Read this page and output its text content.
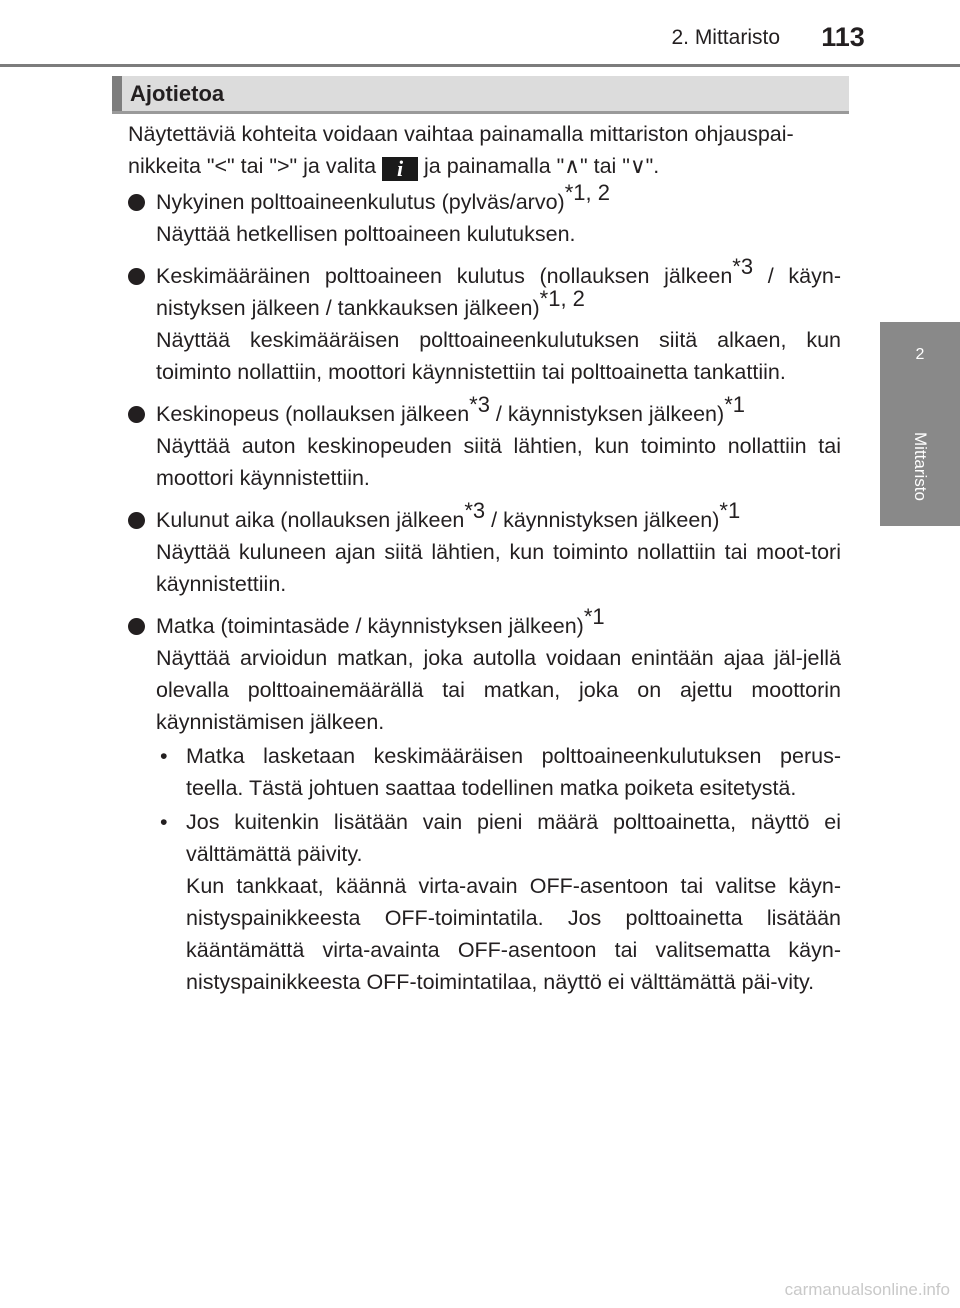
2. Mittaristo	113
2
Mittaristo
Ajotietoa

Näytettäviä kohteita voidaan vaihtaa painamalla mittariston ohjauspai-

nikkeita "<" tai ">" ja valita i ja painamalla "∧" tai "∨".

Nykyinen polttoaineenkulutus (pylväs/arvo)$^{*1, 2}$

Näyttää hetkellisen polttoaineen kulutuksen.

Keskimääräinen polttoaineen kulutus (nollauksen jälkeen$^{*3}$ / käyn-nistyksen jälkeen / tankkauksen jälkeen)$^{*1, 2}$

Näyttää keskimääräisen polttoaineenkulutuksen siitä alkaen, kun toiminto nollattiin, moottori käynnistettiin tai polttoainetta tankattiin.

Keskinopeus (nollauksen jälkeen$^{*3}$ / käynnistyksen jälkeen)$^{*1}$

Näyttää auton keskinopeuden siitä lähtien, kun toiminto nollattiin tai moottori käynnistettiin.

Kulunut aika (nollauksen jälkeen$^{*3}$ / käynnistyksen jälkeen)$^{*1}$

Näyttää kuluneen ajan siitä lähtien, kun toiminto nollattiin tai moot-tori käynnistettiin.

Matka (toimintasäde / käynnistyksen jälkeen)$^{*1}$

Näyttää arvioidun matkan, joka autolla voidaan enintään ajaa jäl-jellä olevalla polttoainemäärällä tai matkan, joka on ajettu moottorin käynnistämisen jälkeen.

• Matka lasketaan keskimääräisen polttoaineenkulutuksen perus-teella. Tästä johtuen saattaa todellinen matka poiketa esitetystä.

• Jos kuitenkin lisätään vain pieni määrä polttoainetta, näyttö ei välttämättä päivity.

Kun tankkaat, käännä virta-avain OFF-asentoon tai valitse käyn-nistyspainikkeesta OFF-toimintatila. Jos polttoainetta lisätään kääntämättä virta-avainta OFF-asentoon tai valitsematta käyn-nistyspainikkeesta OFF-toimintatilaa, näyttö ei välttämättä päi-vity.

carmanualsonline.info
